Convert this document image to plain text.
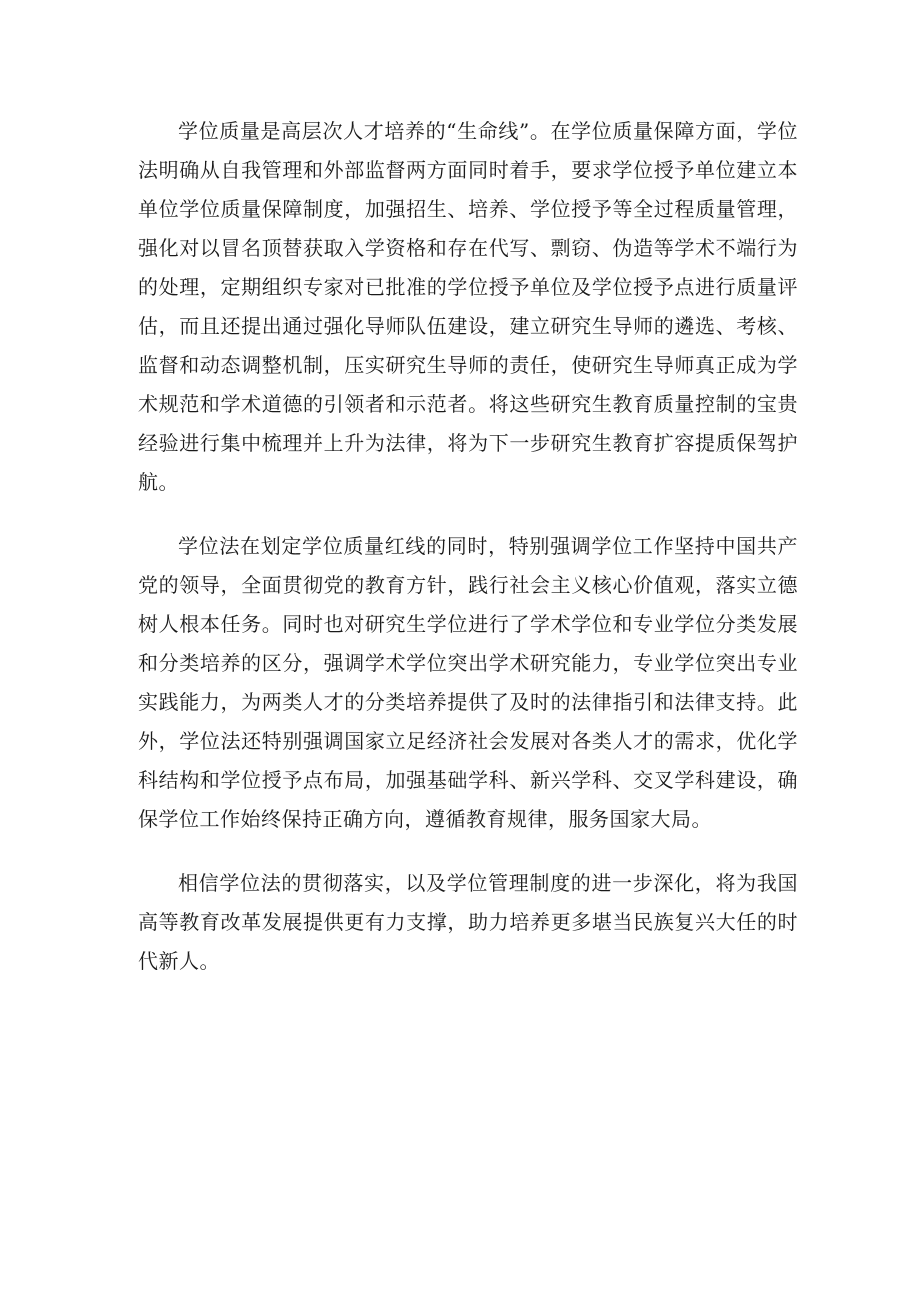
学位质量是高层次人才培养的“生命线”。在学位质量保障方面，学位法明确从自我管理和外部监督两方面同时着手，要求学位授予单位建立本单位学位质量保障制度，加强招生、培养、学位授予等全过程质量管理，强化对以冒名顶替获取入学资格和存在代写、剽窃、伪造等学术不端行为的处理，定期组织专家对已批准的学位授予单位及学位授予点进行质量评估，而且还提出通过强化导师队伍建设，建立研究生导师的遴选、考核、监督和动态调整机制，压实研究生导师的责任，使研究生导师真正成为学术规范和学术道德的引领者和示范者。将这些研究生教育质量控制的宝贵经验进行集中梳理并上升为法律，将为下一步研究生教育扩容提质保驾护航。

学位法在划定学位质量红线的同时，特别强调学位工作坚持中国共产党的领导，全面贯彻党的教育方针，践行社会主义核心价值观，落实立德树人根本任务。同时也对研究生学位进行了学术学位和专业学位分类发展和分类培养的区分，强调学术学位突出学术研究能力，专业学位突出专业实践能力，为两类人才的分类培养提供了及时的法律指引和法律支持。此外，学位法还特别强调国家立足经济社会发展对各类人才的需求，优化学科结构和学位授予点布局，加强基础学科、新兴学科、交叉学科建设，确保学位工作始终保持正确方向，遵循教育规律，服务国家大局。

相信学位法的贯彻落实，以及学位管理制度的进一步深化，将为我国高等教育改革发展提供更有力支撑，助力培养更多堪当民族复兴大任的时代新人。
